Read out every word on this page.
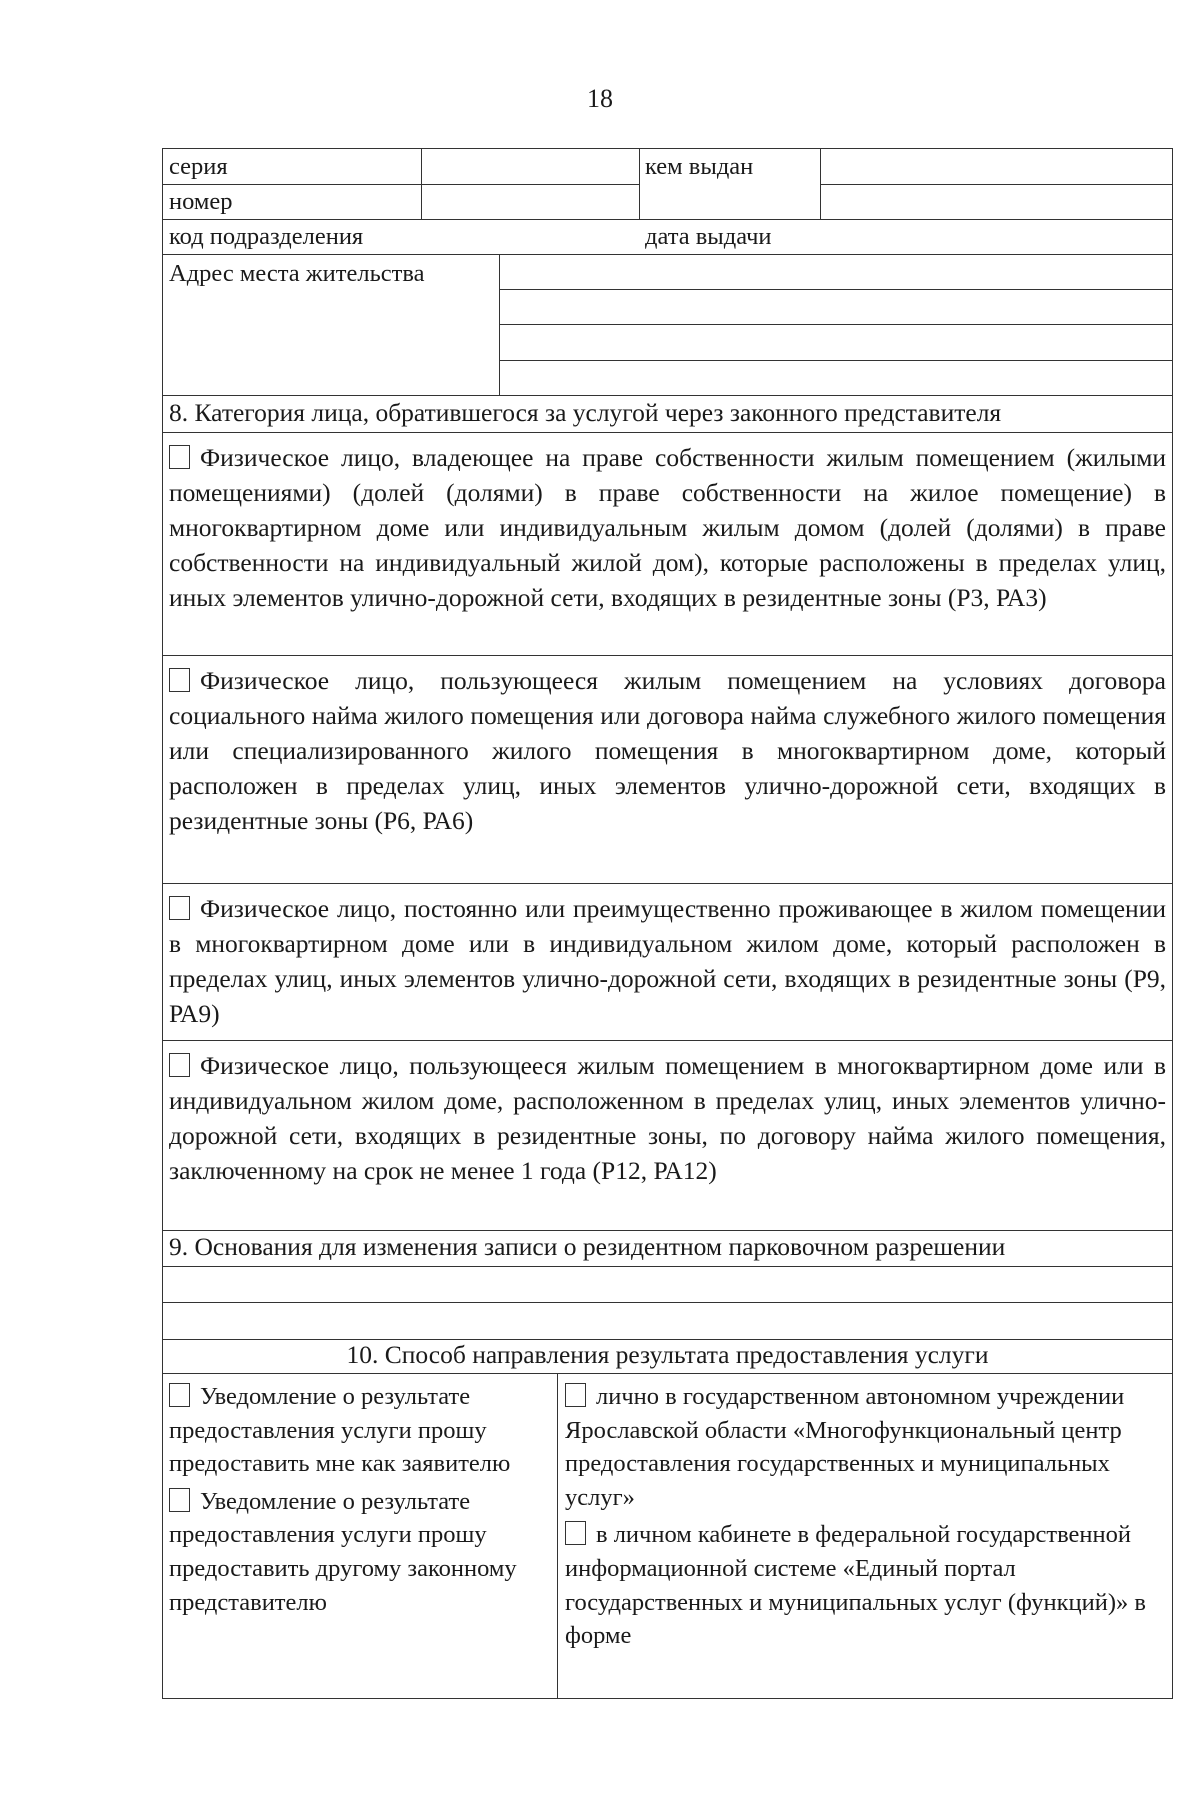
18
серия
номер
код подразделения
кем выдан
дата выдачи
Адрес места жительства
8. Категория лица, обратившегося за услугой через законного представителя
Физическое лицо, владеющее на праве собственности жилым помещением (жилыми помещениями) (долей (долями) в праве собственности на жилое помещение) в многоквартирном доме или индивидуальным жилым домом (долей (долями) в праве собственности на индивидуальный жилой дом), которые расположены в пределах улиц, иных элементов улично-дорожной сети, входящих в резидентные зоны (Р3, РА3)
Физическое лицо, пользующееся жилым помещением на условиях договора социального найма жилого помещения или договора найма служебного жилого помещения или специализированного жилого помещения в многоквартирном доме, который расположен в пределах улиц, иных элементов улично-дорожной сети, входящих в резидентные зоны (Р6, РА6)
Физическое лицо, постоянно или преимущественно проживающее в жилом помещении в многоквартирном доме или в индивидуальном жилом доме, который расположен в пределах улиц, иных элементов улично-дорожной сети, входящих в резидентные зоны (Р9, РА9)
Физическое лицо, пользующееся жилым помещением в многоквартирном доме или в индивидуальном жилом доме, расположенном в пределах улиц, иных элементов улично-дорожной сети, входящих в резидентные зоны, по договору найма жилого помещения, заключенному на срок не менее 1 года (Р12, РА12)
9. Основания для изменения записи о резидентном парковочном разрешении
10. Способ направления результата предоставления услуги
Уведомление о результате предоставления услуги прошу предоставить мне как заявителю
Уведомление о результате предоставления услуги прошу предоставить другому законному представителю
лично в государственном автономном учреждении Ярославской области «Многофункциональный центр предоставления государственных и муниципальных услуг»
в личном кабинете в федеральной государственной информационной системе «Единый портал государственных и муниципальных услуг (функций)» в форме
